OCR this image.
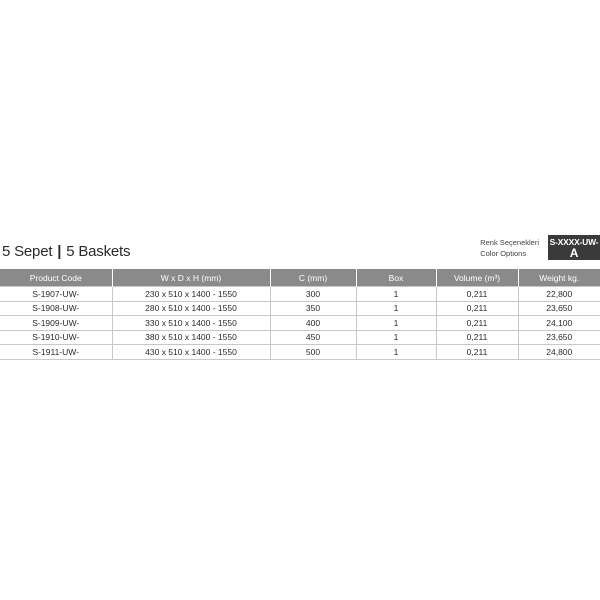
5 Sepet | 5 Baskets
Renk Seçenekleri
Color Options
S-XXXX-UW-A
ANTHRACITE
Product Code	W x D x H (mm)	C (mm)	Box	Volume (m³)	Weight kg.
S-1907-UW-	230 x 510 x 1400 - 1550	300	1	0,211	22,800
S-1908-UW-	280 x 510 x 1400 - 1550	350	1	0,211	23,650
S-1909-UW-	330 x 510 x 1400 - 1550	400	1	0,211	24,100
S-1910-UW-	380 x 510 x 1400 - 1550	450	1	0,211	23,650
S-1911-UW-	430 x 510 x 1400 - 1550	500	1	0,211	24,800
